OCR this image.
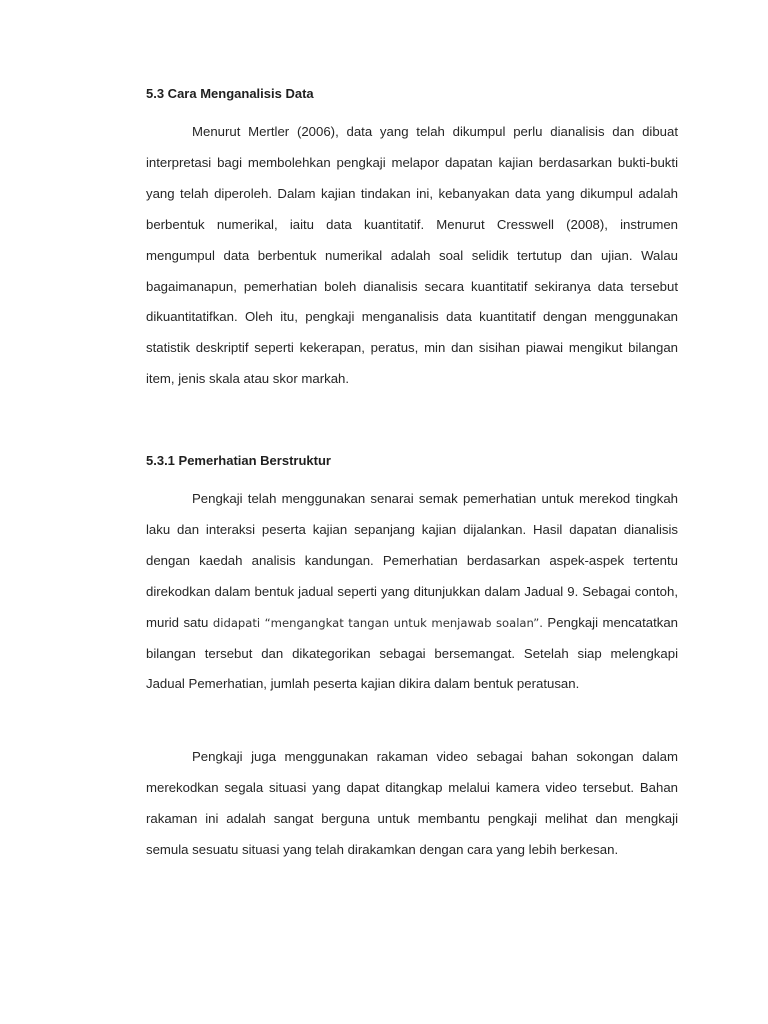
5.3 Cara Menganalisis Data

Menurut Mertler (2006), data yang telah dikumpul perlu dianalisis dan dibuat interpretasi bagi membolehkan pengkaji melapor dapatan kajian berdasarkan bukti-bukti yang telah diperoleh. Dalam kajian tindakan ini, kebanyakan data yang dikumpul adalah berbentuk numerikal, iaitu data kuantitatif. Menurut Cresswell (2008), instrumen mengumpul data berbentuk numerikal adalah soal selidik tertutup dan ujian. Walau bagaimanapun, pemerhatian boleh dianalisis secara kuantitatif sekiranya data tersebut dikuantitatifkan. Oleh itu, pengkaji menganalisis data kuantitatif dengan menggunakan statistik deskriptif seperti kekerapan, peratus, min dan sisihan piawai mengikut bilangan item, jenis skala atau skor markah.

5.3.1 Pemerhatian Berstruktur

Pengkaji telah menggunakan senarai semak pemerhatian untuk merekod tingkah laku dan interaksi peserta kajian sepanjang kajian dijalankan. Hasil dapatan dianalisis dengan kaedah analisis kandungan. Pemerhatian berdasarkan aspek-aspek tertentu direkodkan dalam bentuk jadual seperti yang ditunjukkan dalam Jadual 9. Sebagai contoh, murid satu didapati “mengangkat tangan untuk menjawab soalan”. Pengkaji mencatatkan bilangan tersebut dan dikategorikan sebagai bersemangat. Setelah siap melengkapi Jadual Pemerhatian, jumlah peserta kajian dikira dalam bentuk peratusan.

Pengkaji juga menggunakan rakaman video sebagai bahan sokongan dalam merekodkan segala situasi yang dapat ditangkap melalui kamera video tersebut. Bahan rakaman ini adalah sangat berguna untuk membantu pengkaji melihat dan mengkaji semula sesuatu situasi yang telah dirakamkan dengan cara yang lebih berkesan.
